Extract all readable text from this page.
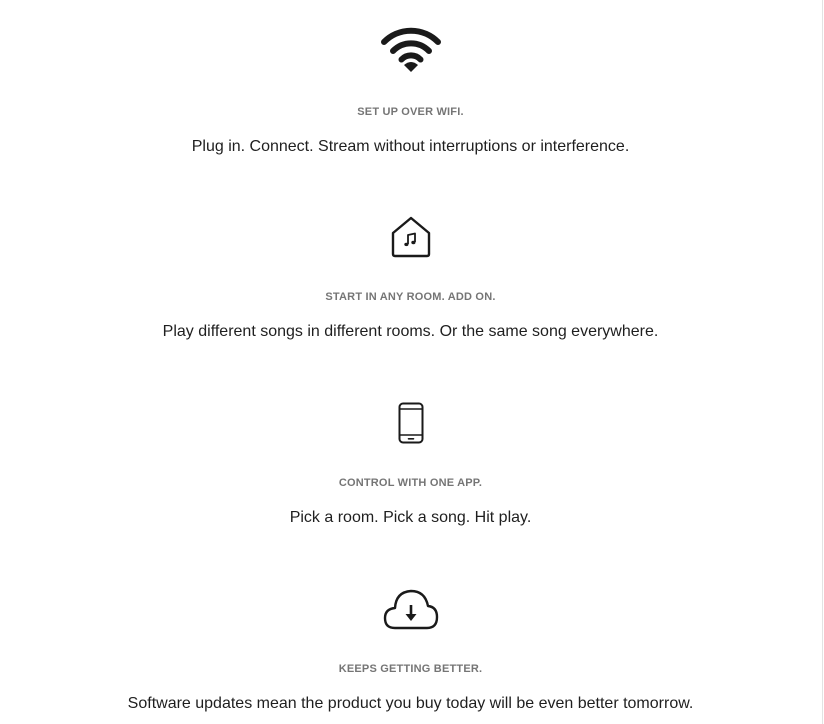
SET UP OVER WIFI.
Plug in. Connect. Stream without interruptions or interference.
START IN ANY ROOM. ADD ON.
Play different songs in different rooms. Or the same song everywhere.
CONTROL WITH ONE APP.
Pick a room. Pick a song. Hit play.
KEEPS GETTING BETTER.
Software updates mean the product you buy today will be even better tomorrow.
